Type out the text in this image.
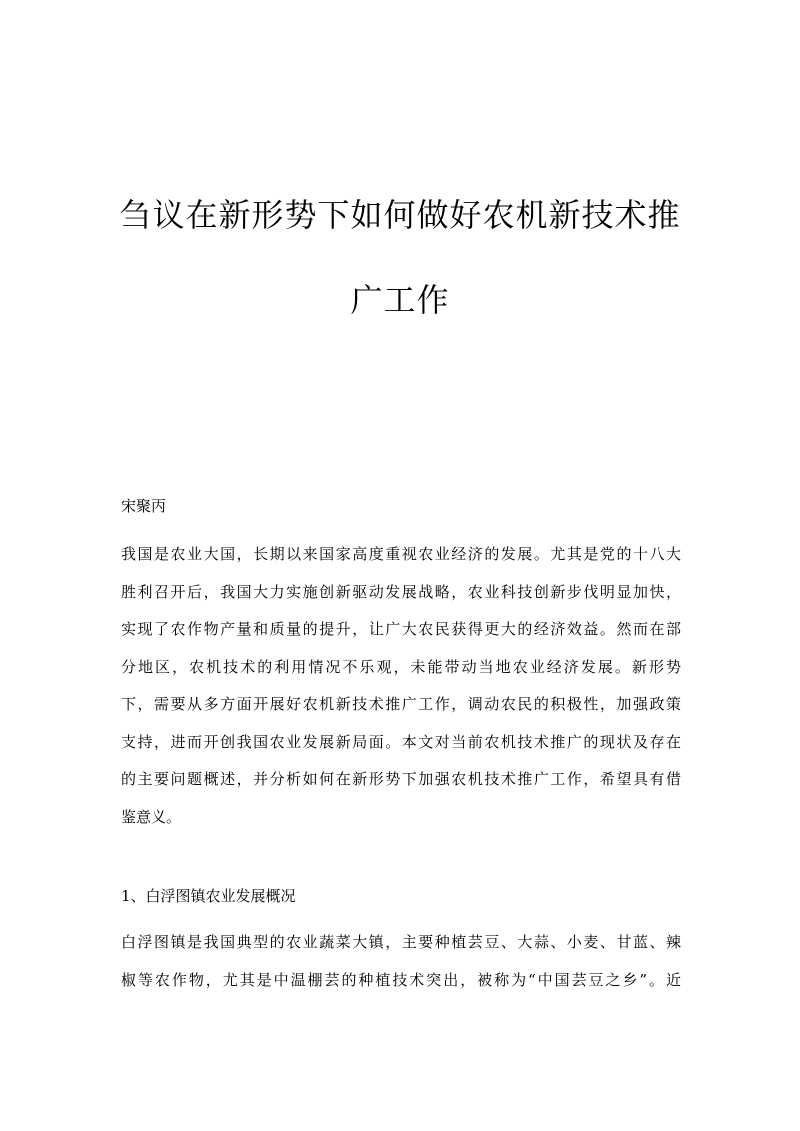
刍议在新形势下如何做好农机新技术推
广工作

宋聚丙

我国是农业大国，长期以来国家高度重视农业经济的发展。尤其是党的十八大
胜利召开后，我国大力实施创新驱动发展战略，农业科技创新步伐明显加快，
实现了农作物产量和质量的提升，让广大农民获得更大的经济效益。然而在部
分地区，农机技术的利用情况不乐观，未能带动当地农业经济发展。新形势
下，需要从多方面开展好农机新技术推广工作，调动农民的积极性，加强政策
支持，进而开创我国农业发展新局面。本文对当前农机技术推广的现状及存在
的主要问题概述，并分析如何在新形势下加强农机技术推广工作，希望具有借
鉴意义。

1、白浮图镇农业发展概况

白浮图镇是我国典型的农业蔬菜大镇，主要种植芸豆、大蒜、小麦、甘蓝、辣
椒等农作物，尤其是中温棚芸的种植技术突出，被称为“中国芸豆之乡”。近
